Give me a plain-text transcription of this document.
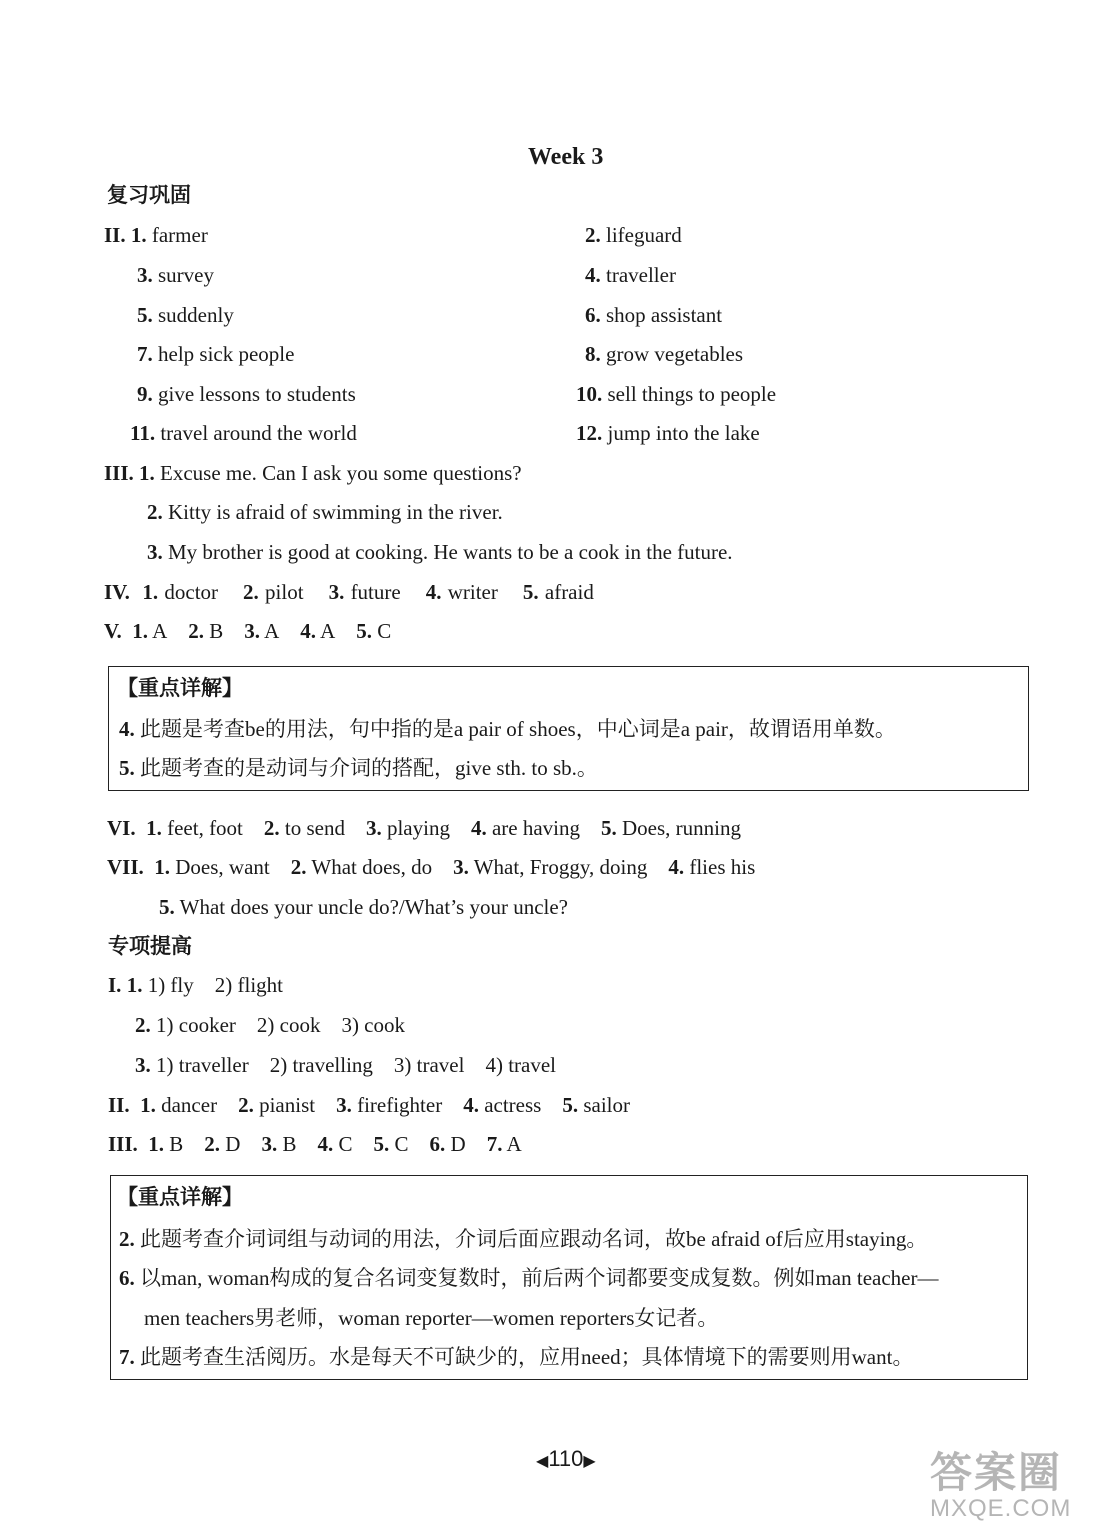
Week 3
复习巩固
II. 1. farmer	2. lifeguard
3. survey	4. traveller
5. suddenly	6. shop assistant
7. help sick people	8. grow vegetables
9. give lessons to students	10. sell things to people
11. travel around the world	12. jump into the lake
III. 1. Excuse me. Can I ask you some questions?
2. Kitty is afraid of swimming in the river.
3. My brother is good at cooking. He wants to be a cook in the future.
IV. 1. doctor 2. pilot 3. future 4. writer 5. afraid
V. 1. A 2. B 3. A 4. A 5. C
【重点详解】
4. 此题是考查be的用法，句中指的是a pair of shoes，中心词是a pair，故谓语用单数。
5. 此题考查的是动词与介词的搭配，give sth. to sb.。
VI. 1. feet, foot 2. to send 3. playing 4. are having 5. Does, running
VII. 1. Does, want 2. What does, do 3. What, Froggy, doing 4. flies his
5. What does your uncle do?/What’s your uncle?
专项提高
I. 1. 1) fly    2) flight
2. 1) cooker    2) cook    3) cook
3. 1) traveller    2) travelling    3) travel    4) travel
II. 1. dancer 2. pianist 3. firefighter 4. actress 5. sailor
III. 1. B 2. D 3. B 4. C 5. C 6. D 7. A
【重点详解】
2. 此题考查介词词组与动词的用法，介词后面应跟动名词，故be afraid of后应用staying。
6. 以man, woman构成的复合名词变复数时，前后两个词都要变成复数。例如man teacher—
men teachers男老师，woman reporter—women reporters女记者。
7. 此题考查生活阅历。水是每天不可缺少的，应用need；具体情境下的需要则用want。
◀110▶	答案圈
MXQE.COM
